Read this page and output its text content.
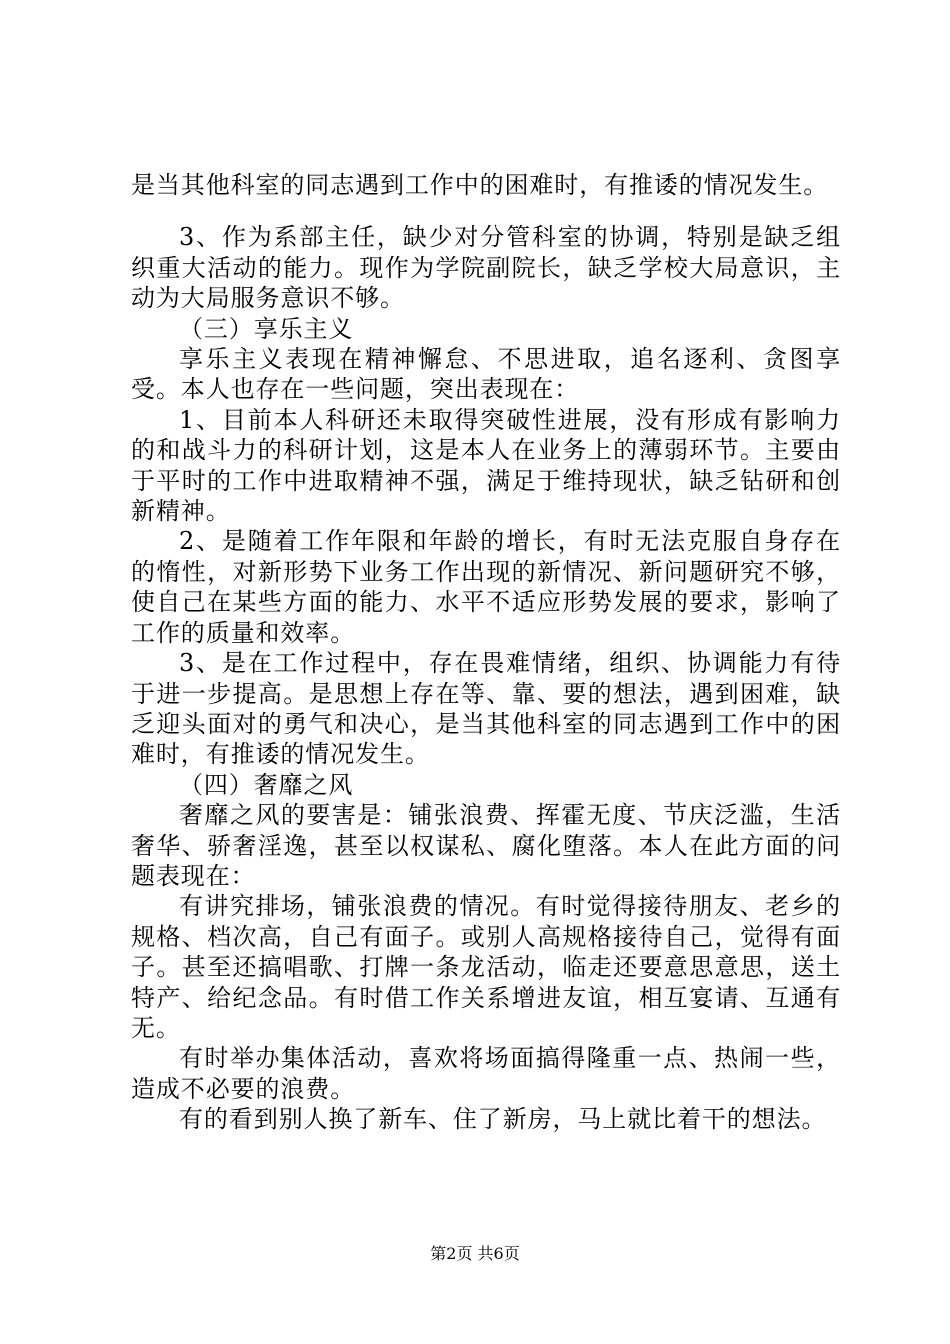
是当其他科室的同志遇到工作中的困难时，有推诿的情况发生。

3、作为系部主任，缺少对分管科室的协调，特别是缺乏组织重大活动的能力。现作为学院副院长，缺乏学校大局意识，主动为大局服务意识不够。

（三）享乐主义

享乐主义表现在精神懈怠、不思进取，追名逐利、贪图享受。本人也存在一些问题，突出表现在：

1、目前本人科研还未取得突破性进展，没有形成有影响力的和战斗力的科研计划，这是本人在业务上的薄弱环节。主要由于平时的工作中进取精神不强，满足于维持现状，缺乏钻研和创新精神。

2、是随着工作年限和年龄的增长，有时无法克服自身存在的惰性，对新形势下业务工作出现的新情况、新问题研究不够，使自己在某些方面的能力、水平不适应形势发展的要求，影响了工作的质量和效率。

3、是在工作过程中，存在畏难情绪，组织、协调能力有待于进一步提高。是思想上存在等、靠、要的想法，遇到困难，缺乏迎头面对的勇气和决心，是当其他科室的同志遇到工作中的困难时，有推诿的情况发生。

（四）奢靡之风

奢靡之风的要害是：铺张浪费、挥霍无度、节庆泛滥，生活奢华、骄奢淫逸，甚至以权谋私、腐化堕落。本人在此方面的问题表现在：

有讲究排场，铺张浪费的情况。有时觉得接待朋友、老乡的规格、档次高，自己有面子。或别人高规格接待自己，觉得有面子。甚至还搞唱歌、打牌一条龙活动，临走还要意思意思，送土特产、给纪念品。有时借工作关系增进友谊，相互宴请、互通有无。

有时举办集体活动，喜欢将场面搞得隆重一点、热闹一些，造成不必要的浪费。

有的看到别人换了新车、住了新房，马上就比着干的想法。

第2页 共6页
